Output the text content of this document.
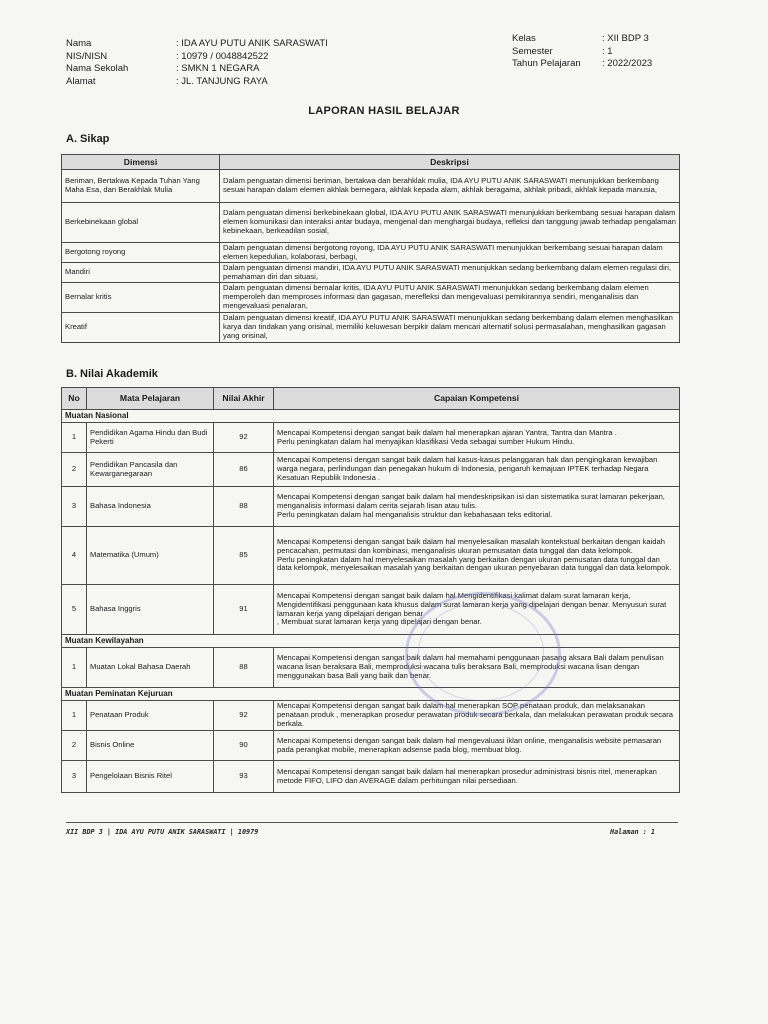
Nama	: IDA AYU PUTU ANIK SARASWATI
NIS/NISN	: 10979 / 0048842522
Nama Sekolah	: SMKN 1 NEGARA
Alamat	: JL. TANJUNG RAYA
Kelas	: XII BDP 3
Semester	: 1
Tahun Pelajaran	: 2022/2023
LAPORAN HASIL BELAJAR
A. Sikap
Dimensi	Deskripsi
Beriman, Bertakwa Kepada Tuhan Yang Maha Esa, dan Berakhlak Mulia	Dalam penguatan dimensi beriman, bertakwa dan berahklak mulia, IDA AYU PUTU ANIK SARASWATI menunjukkan berkembang sesuai harapan dalam elemen akhlak bernegara, akhlak kepada alam, akhlak beragama, akhlak pribadi, akhlak kepada manusia,
Berkebinekaan global	Dalam penguatan dimensi berkebinekaan global, IDA AYU PUTU ANIK SARASWATI menunjukkan berkembang sesuai harapan dalam elemen komunikasi dan interaksi antar budaya, mengenal dan menghargai budaya, refleksi dan tanggung jawab terhadap pengalaman kebinekaan, berkeadilan sosial,
Bergotong royong	Dalam penguatan dimensi bergotong royong, IDA AYU PUTU ANIK SARASWATI menunjukkan berkembang sesuai harapan dalam elemen kepedulian, kolaborasi, berbagi,
Mandiri	Dalam penguatan dimensi mandiri, IDA AYU PUTU ANIK SARASWATI menunjukkan sedang berkembang dalam elemen regulasi diri, pemahaman diri dan situasi,
Bernalar kritis	Dalam penguatan dimensi bernalar kritis, IDA AYU PUTU ANIK SARASWATI menunjukkan sedang berkembang dalam elemen memperoleh dan memproses informasi dan gagasan, merefleksi dan mengevaluasi pemikirannya sendiri, menganalisis dan mengevaluasi penalaran,
Kreatif	Dalam penguatan dimensi kreatif, IDA AYU PUTU ANIK SARASWATI menunjukkan sedang berkembang dalam elemen menghasilkan karya dan tindakan yang orisinal, memiliki keluwesan berpikir dalam mencari alternatif solusi permasalahan, menghasilkan gagasan yang orisinal,
B. Nilai Akademik
No	Mata Pelajaran	Nilai Akhir	Capaian Kompetensi
Muatan Nasional			
1	Pendidikan Agama Hindu dan Budi Pekerti	92	Mencapai Kompetensi dengan sangat baik dalam hal menerapkan ajaran Yantra, Tantra dan Mantra .
Perlu peningkatan dalam hal menyajikan klasifikasi Veda sebagai sumber Hukum Hindu.
2	Pendidikan Pancasila dan Kewarganegaraan	86	Mencapai Kompetensi dengan sangat baik dalam hal kasus-kasus pelanggaran hak dan pengingkaran kewajiban warga negara, perlindungan dan penegakan hukum di Indonesia, pengaruh kemajuan IPTEK terhadap Negara Kesatuan Republik Indonesia .
3	Bahasa Indonesia	88	Mencapai Kompetensi dengan sangat baik dalam hal mendeskripsikan isi dan sistematika surat lamaran pekerjaan, menganalisis informasi dalam cerita sejarah lisan atau tulis.
Perlu peningkatan dalam hal menganalisis struktur dan kebahasaan teks editorial.
4	Matematika (Umum)	85	Mencapai Kompetensi dengan sangat baik dalam hal menyelesaikan masalah kontekstual berkaitan dengan kaidah pencacahan, permutasi dan kombinasi, menganalisis ukuran pemusatan data tunggal dan data kelompok.
Perlu peningkatan dalam hal menyelesaikan masalah yang berkaitan dengan ukuran pemusatan data tunggal dan data kelompok, menyelesaikan masalah yang berkaitan dengan ukuran penyebaran data tunggal dan data kelompok.
5	Bahasa Inggris	91	Mencapai Kompetensi dengan sangat baik dalam hal Mengidentifikasi kalimat dalam surat lamaran kerja, Mengidentifikasi penggunaan kata khusus dalam surat lamaran kerja yang dipelajari dengan benar. Menyusun surat lamaran kerja yang dipelajari dengan benar
, Membuat surat lamaran kerja yang dipelajari dengan benar.
Muatan Kewilayahan			
1	Muatan Lokal Bahasa Daerah	88	Mencapai Kompetensi dengan sangat baik dalam hal memahami penggunaan pasang aksara Bali dalam penulisan wacana lisan beraksara Bali, memproduksi wacana tulis beraksara Bali, memproduksi wacana lisan dengan menggunakan basa Bali yang baik dan benar.
Muatan Peminatan Kejuruan			
1	Penataan Produk	92	Mencapai Kompetensi dengan sangat baik dalam hal menerapkan SOP penataan produk, dan melaksanakan penataan produk , menerapkan prosedur perawatan produk secara berkala, dan melakukan perawatan produk secara berkala.
2	Bisnis Online	90	Mencapai Kompetensi dengan sangat baik dalam hal mengevaluasi iklan online, menganalisis website pemasaran pada perangkat mobile, menerapkan adsense pada blog, membuat blog.
3	Pengelolaan Bisnis Ritel	93	Mencapai Kompetensi dengan sangat baik dalam hal menerapkan prosedur administrasi bisnis ritel, menerapkan metode FIFO, LIFO dan AVERAGE dalam perhitungan nilai persediaan.
XII BDP 3 | IDA AYU PUTU ANIK SARASWATI | 10979	Halaman : 1
